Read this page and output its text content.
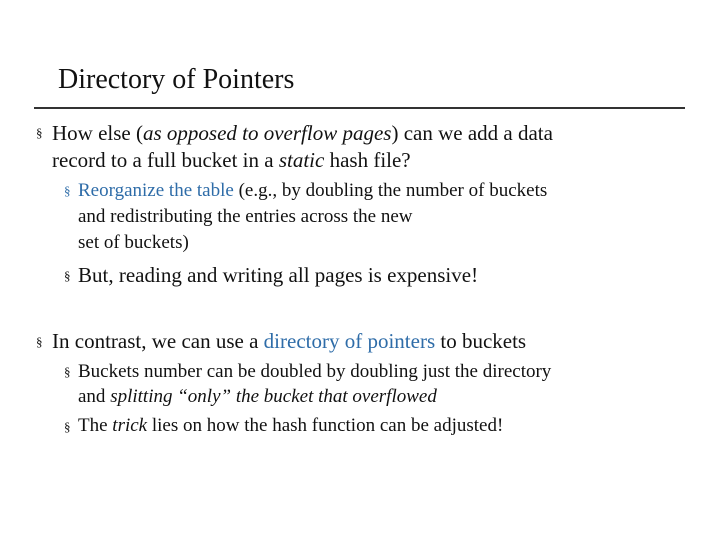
Directory of Pointers
§ How else (as opposed to overflow pages) can we add a data
record to a full bucket in a static hash file?
§ Reorganize the table (e.g., by doubling the number of buckets
and redistributing the entries across the new
set of buckets)
§ But, reading and writing all pages is expensive!
§ In contrast, we can use a directory of pointers to buckets
§ Buckets number can be doubled by doubling just the directory
and splitting “only” the bucket that overflowed
§ The trick lies on how the hash function can be adjusted!
